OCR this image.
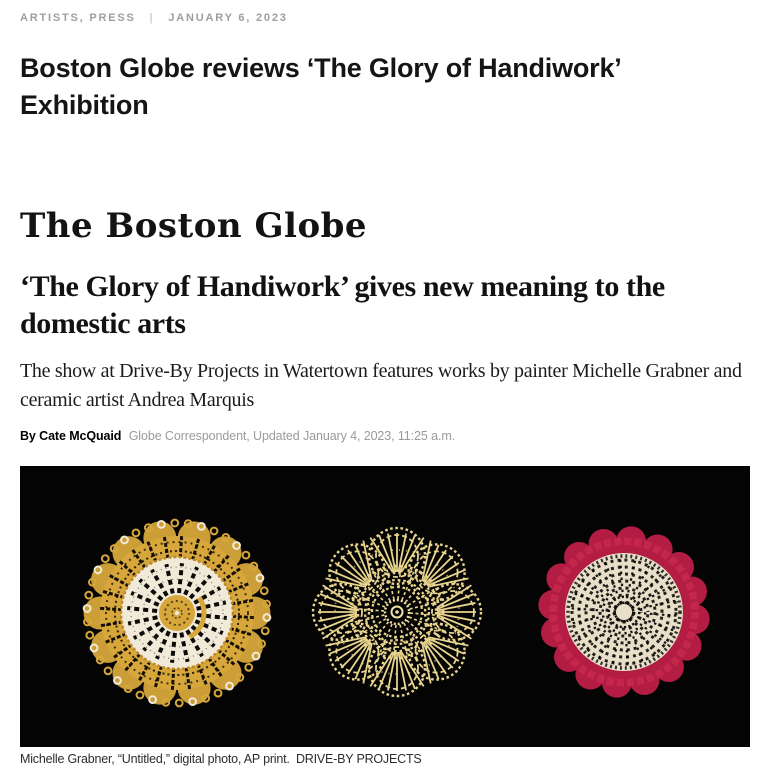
ARTISTS, PRESS | JANUARY 6, 2023
Boston Globe reviews ‘The Glory of Handiwork’ Exhibition
The Boston Globe
‘The Glory of Handiwork’ gives new meaning to the domestic arts

The show at Drive-By Projects in Watertown features works by painter Michelle Grabner and ceramic artist Andrea Marquis

By Cate McQuaid Globe Correspondent, Updated January 4, 2023, 11:25 a.m.
Michelle Grabner, “Untitled,” digital photo, AP print. DRIVE-BY PROJECTS
